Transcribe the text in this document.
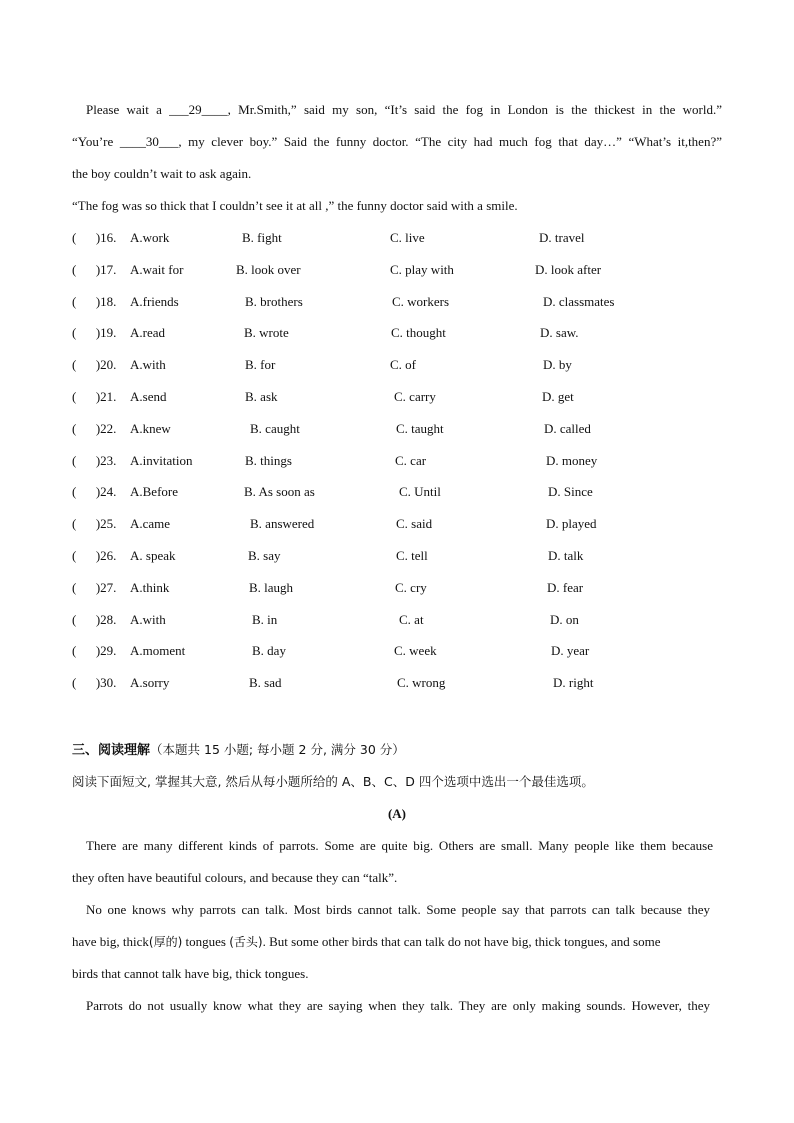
Please wait a ___29____, Mr.Smith,” said my son, “It’s said the fog in London is the thickest in the world.”
“You’re ____30___, my clever boy.” Said the funny doctor. “The city had much fog that day…” “What’s it,then?”
the boy couldn’t wait to ask again.
“The fog was so thick that I couldn’t see it at all ,” the funny doctor said with a smile.
(      )16. A.work	B. fight	C. live	D. travel
(      )17. A.wait for	B. look over	C. play with	D. look after
(      )18. A.friends	B. brothers	C. workers	D. classmates
(      )19. A.read	B. wrote	C. thought	D. saw.
(      )20. A.with	B. for	C. of	D. by
(      )21. A.send	B. ask	C. carry	D. get
(      )22. A.knew	B. caught	C. taught	D. called
(      )23. A.invitation	B. things	C. car	D. money
(      )24. A.Before	B. As soon as	C. Until	D. Since
(      )25. A.came	B. answered	C. said	D. played
(      )26. A. speak	B. say	C. tell	D. talk
(      )27. A.think	B. laugh	C. cry	D. fear
(      )28. A.with	B. in	C. at	D. on
(      )29. A.moment	B. day	C. week	D. year
(      )30. A.sorry	B. sad	C. wrong	D. right
三、阅读理解（本题共 15 小题; 每小题 2 分, 满分 30 分）
阅读下面短文, 掌握其大意, 然后从每小题所给的 A、B、C、D 四个选项中选出一个最佳选项。
(A)
There are many different kinds of parrots. Some are quite big. Others are small. Many people like them because
they often have beautiful colours, and because they can “talk”.
No one knows why parrots can talk. Most birds cannot talk. Some people say that parrots can talk because they
have big, thick(厚的) tongues (舌头). But some other birds that can talk do not have big, thick tongues, and some
birds that cannot talk have big, thick tongues.
Parrots do not usually know what they are saying when they talk. They are only making sounds. However, they
